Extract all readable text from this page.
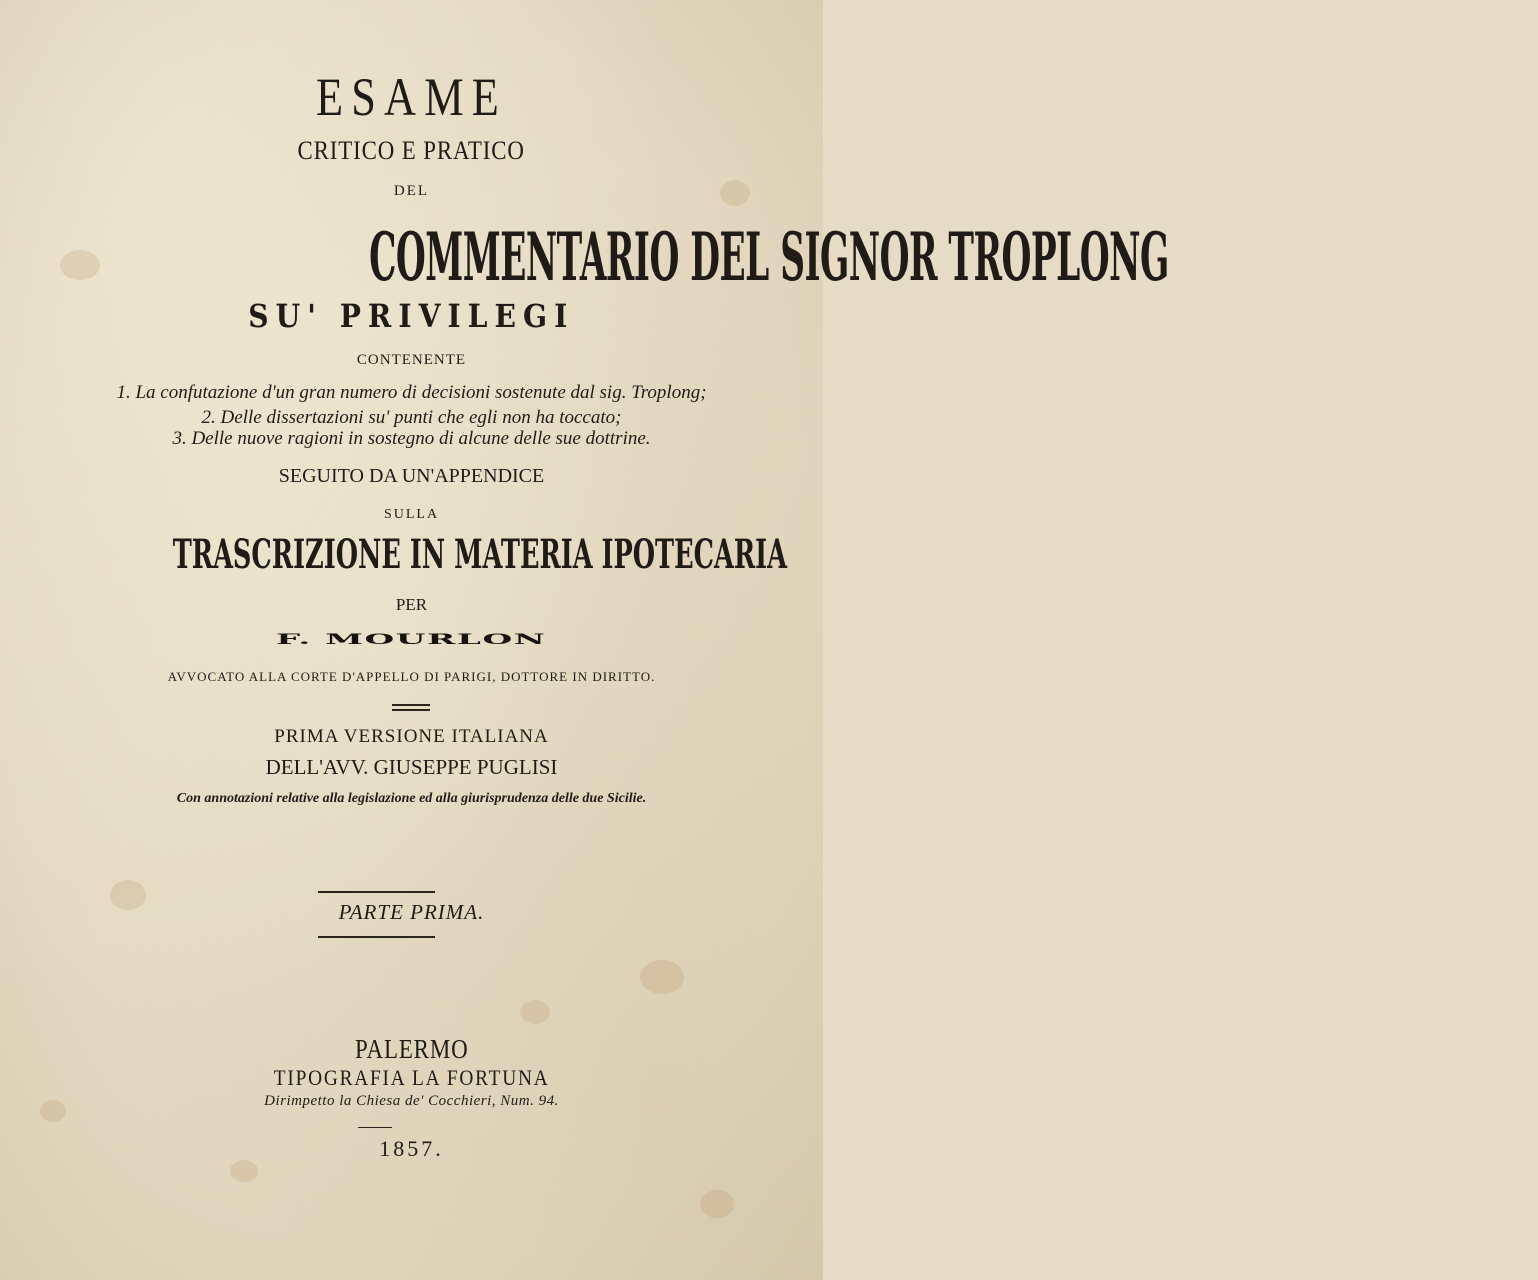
ESAME
CRITICO E PRATICO
DEL
COMMENTARIO DEL SIGNOR TROPLONG
SU' PRIVILEGI
CONTENENTE
1. La confutazione d'un gran numero di decisioni sostenute dal sig. Troplong;
2. Delle dissertazioni su' punti che egli non ha toccato;
3. Delle nuove ragioni in sostegno di alcune delle sue dottrine.
SEGUITO DA UN'APPENDICE
SULLA
TRASCRIZIONE IN MATERIA IPOTECARIA
PER
F. MOURLON
AVVOCATO ALLA CORTE D'APPELLO DI PARIGI, DOTTORE IN DIRITTO.
PRIMA VERSIONE ITALIANA
DELL'AVV. GIUSEPPE PUGLISI
Con annotazioni relative alla legislazione ed alla giurisprudenza delle due Sicilie.
PARTE PRIMA.
PALERMO
TIPOGRAFIA LA FORTUNA
Dirimpetto la Chiesa de' Cocchieri, Num. 94.
1857.
